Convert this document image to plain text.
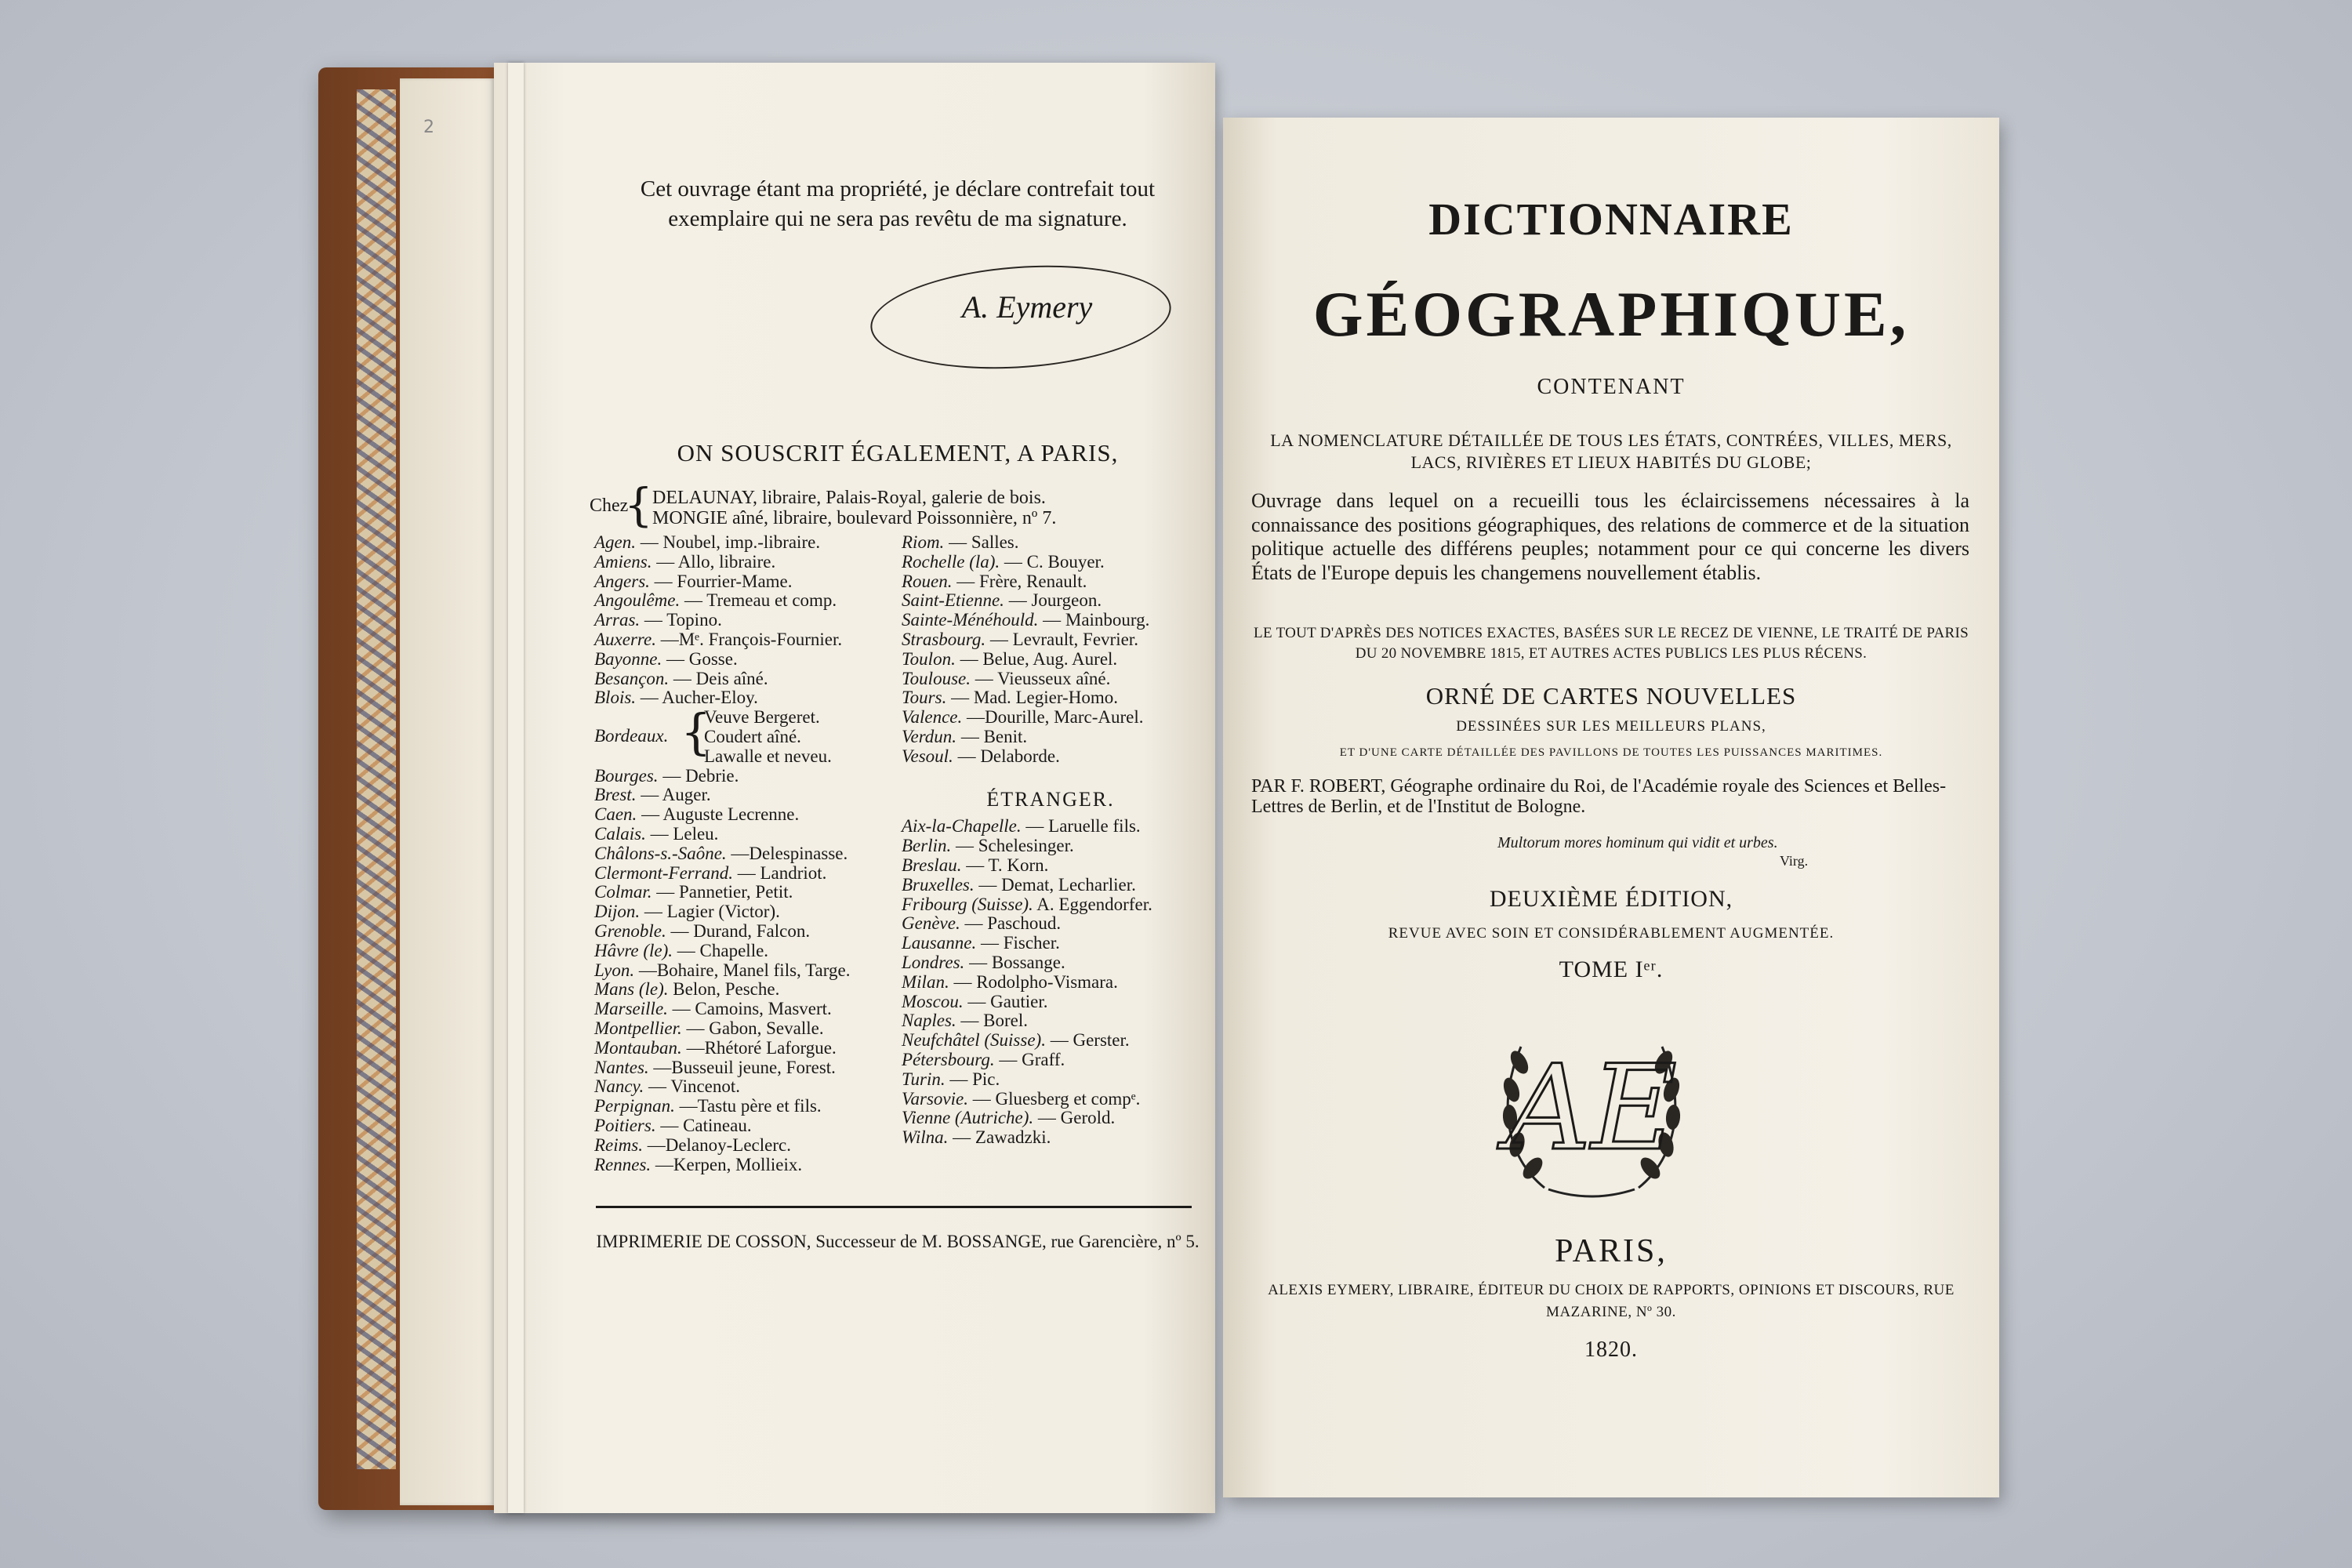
2
Cet ouvrage étant ma propriété, je déclare contrefait tout exemplaire qui ne sera pas revêtu de ma signature.
A. Eymery
ON SOUSCRIT ÉGALEMENT, A PARIS,
Chez
{ DELAUNAY, libraire, Palais-Royal, galerie de bois.
MONGIE aîné, libraire, boulevard Poissonnière, nº 7.
Agen. — Noubel, imp.-libraire.
Amiens. — Allo, libraire.
Angers. — Fourrier-Mame.
Angoulême. — Tremeau et comp.
Arras. — Topino.
Auxerre. —Mᵉ. François-Fournier.
Bayonne. — Gosse.
Besançon. — Deis aîné.
Blois. — Aucher-Eloy.
Bordeaux. {
Veuve Bergeret.
Coudert aîné.
Lawalle et neveu.
Bourges. — Debrie.
Brest. — Auger.
Caen. — Auguste Lecrenne.
Calais. — Leleu.
Châlons-s.-Saône. —Delespinasse.
Clermont-Ferrand. — Landriot.
Colmar. — Pannetier, Petit.
Dijon. — Lagier (Victor).
Grenoble. — Durand, Falcon.
Hâvre (le). — Chapelle.
Lyon. —Bohaire, Manel fils, Targe.
Mans (le). Belon, Pesche.
Marseille. — Camoins, Masvert.
Montpellier. — Gabon, Sevalle.
Montauban. —Rhétoré Laforgue.
Nantes. —Busseuil jeune, Forest.
Nancy. — Vincenot.
Perpignan. —Tastu père et fils.
Poitiers. — Catineau.
Reims. —Delanoy-Leclerc.
Rennes. —Kerpen, Mollieix.
Riom. — Salles.
Rochelle (la). — C. Bouyer.
Rouen. — Frère, Renault.
Saint-Etienne. — Jourgeon.
Sainte-Ménéhould. — Mainbourg.
Strasbourg. — Levrault, Fevrier.
Toulon. — Belue, Aug. Aurel.
Toulouse. — Vieusseux aîné.
Tours. — Mad. Legier-Homo.
Valence. —Dourille, Marc-Aurel.
Verdun. — Benit.
Vesoul. — Delaborde.
ÉTRANGER.
Aix-la-Chapelle. — Laruelle fils.
Berlin. — Schelesinger.
Breslau. — T. Korn.
Bruxelles. — Demat, Lecharlier.
Fribourg (Suisse). A. Eggendorfer.
Genève. — Paschoud.
Lausanne. — Fischer.
Londres. — Bossange.
Milan. — Rodolpho-Vismara.
Moscou. — Gautier.
Naples. — Borel.
Neufchâtel (Suisse). — Gerster.
Pétersbourg. — Graff.
Turin. — Pic.
Varsovie. — Gluesberg et compᵉ.
Vienne (Autriche). — Gerold.
Wilna. — Zawadzki.
IMPRIMERIE DE COSSON, Successeur de M. BOSSANGE, rue Garencière, nº 5.
DICTIONNAIRE
GÉOGRAPHIQUE,
CONTENANT
LA NOMENCLATURE DÉTAILLÉE DE TOUS LES ÉTATS, CONTRÉES, VILLES, MERS, LACS, RIVIÈRES ET LIEUX HABITÉS DU GLOBE;
Ouvrage dans lequel on a recueilli tous les éclaircissemens nécessaires à la connaissance des positions géographiques, des relations de commerce et de la situation politique actuelle des différens peuples; notamment pour ce qui concerne les divers États de l'Europe depuis les changemens nouvellement établis.
LE TOUT D'APRÈS DES NOTICES EXACTES, BASÉES SUR LE RECEZ DE VIENNE, LE TRAITÉ DE PARIS DU 20 NOVEMBRE 1815, ET AUTRES ACTES PUBLICS LES PLUS RÉCENS.
ORNÉ DE CARTES NOUVELLES
DESSINÉES SUR LES MEILLEURS PLANS,
ET D'UNE CARTE DÉTAILLÉE DES PAVILLONS DE TOUTES LES PUISSANCES MARITIMES.
PAR F. ROBERT, Géographe ordinaire du Roi, de l'Académie royale des Sciences et Belles-Lettres de Berlin, et de l'Institut de Bologne.
Multorum mores hominum qui vidit et urbes.
Virg.
DEUXIÈME ÉDITION,
REVUE AVEC SOIN ET CONSIDÉRABLEMENT AUGMENTÉE.
TOME Iᵉʳ.
AE
PARIS,
ALEXIS EYMERY, LIBRAIRE, ÉDITEUR DU CHOIX DE RAPPORTS, OPINIONS ET DISCOURS, RUE MAZARINE, Nº 30.
1820.
